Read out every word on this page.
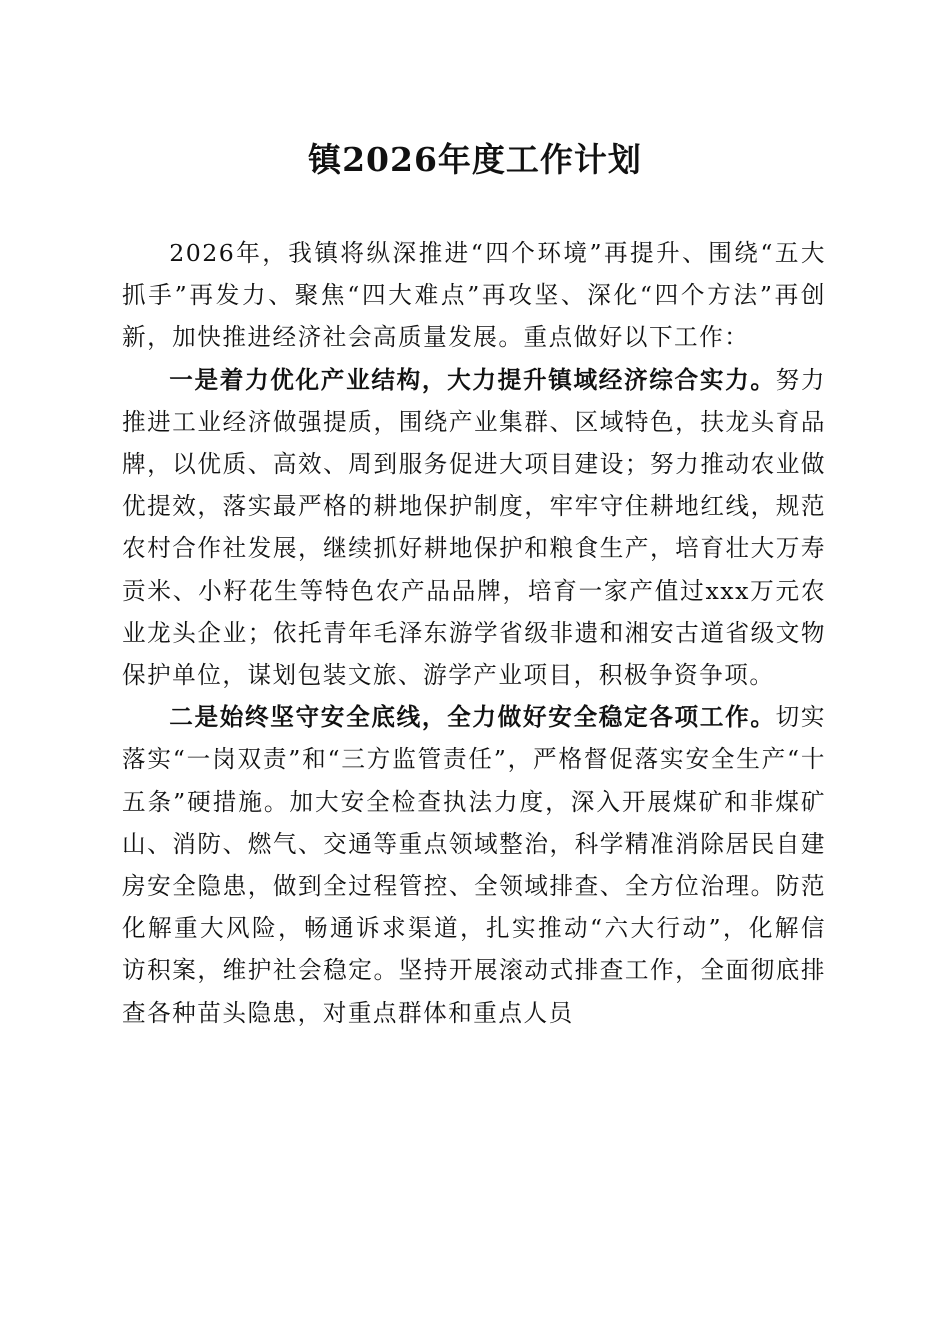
镇2026年度工作计划

2026年，我镇将纵深推进“四个环境”再提升、围绕“五大抓手”再发力、聚焦“四大难点”再攻坚、深化“四个方法”再创新，加快推进经济社会高质量发展。重点做好以下工作：

一是着力优化产业结构，大力提升镇域经济综合实力。努力推进工业经济做强提质，围绕产业集群、区域特色，扶龙头育品牌，以优质、高效、周到服务促进大项目建设；努力推动农业做优提效，落实最严格的耕地保护制度，牢牢守住耕地红线，规范农村合作社发展，继续抓好耕地保护和粮食生产，培育壮大万寿贡米、小籽花生等特色农产品品牌，培育一家产值过xxx万元农业龙头企业；依托青年毛泽东游学省级非遗和湘安古道省级文物保护单位，谋划包装文旅、游学产业项目，积极争资争项。

二是始终坚守安全底线，全力做好安全稳定各项工作。切实落实“一岗双责”和“三方监管责任”，严格督促落实安全生产“十五条”硬措施。加大安全检查执法力度，深入开展煤矿和非煤矿山、消防、燃气、交通等重点领域整治，科学精准消除居民自建房安全隐患，做到全过程管控、全领域排查、全方位治理。防范化解重大风险，畅通诉求渠道，扎实推动“六大行动”，化解信访积案，维护社会稳定。坚持开展滚动式排查工作，全面彻底排查各种苗头隐患，对重点群体和重点人员
